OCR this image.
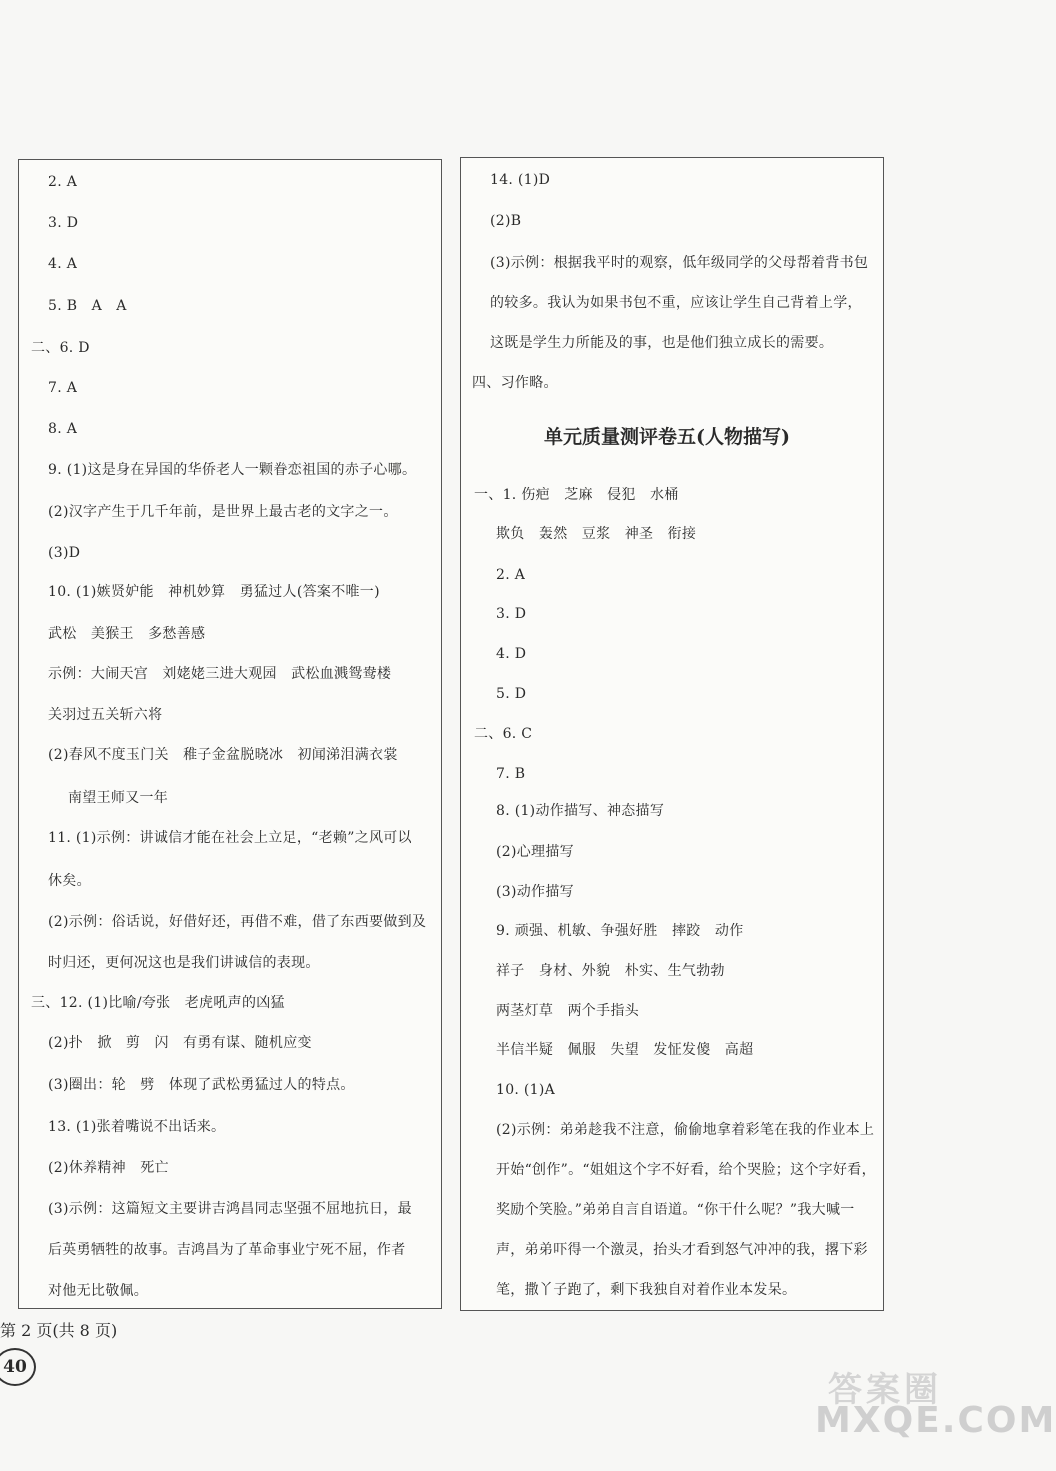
2. A
3. D
4. A
5. B　A　A
二、6. D
7. A
8. A
9. (1)这是身在异国的华侨老人一颗眷恋祖国的赤子心哪。
(2)汉字产生于几千年前，是世界上最古老的文字之一。
(3)D
10. (1)嫉贤妒能　神机妙算　勇猛过人(答案不唯一)
武松　美猴王　多愁善感
示例：大闹天宫　刘姥姥三进大观园　武松血溅鸳鸯楼
关羽过五关斩六将
(2)春风不度玉门关　稚子金盆脱晓冰　初闻涕泪满衣裳
南望王师又一年
11. (1)示例：讲诚信才能在社会上立足，“老赖”之风可以
休矣。
(2)示例：俗话说，好借好还，再借不难，借了东西要做到及
时归还，更何况这也是我们讲诚信的表现。
三、12. (1)比喻/夸张　老虎吼声的凶猛
(2)扑　掀　剪　闪　有勇有谋、随机应变
(3)圈出：轮　劈　体现了武松勇猛过人的特点。
13. (1)张着嘴说不出话来。
(2)休养精神　死亡
(3)示例：这篇短文主要讲吉鸿昌同志坚强不屈地抗日，最
后英勇牺牲的故事。吉鸿昌为了革命事业宁死不屈，作者
对他无比敬佩。
14. (1)D
(2)B
(3)示例：根据我平时的观察，低年级同学的父母帮着背书包
的较多。我认为如果书包不重，应该让学生自己背着上学，
这既是学生力所能及的事，也是他们独立成长的需要。
四、习作略。
一、1. 伤疤　芝麻　侵犯　水桶
欺负　轰然　豆浆　神圣　衔接
2. A
3. D
4. D
5. D
二、6. C
7. B
8. (1)动作描写、神态描写
(2)心理描写
(3)动作描写
9. 顽强、机敏、争强好胜　摔跤　动作
祥子　身材、外貌　朴实、生气勃勃
两茎灯草　两个手指头
半信半疑　佩服　失望　发怔发傻　高超
10. (1)A
(2)示例：弟弟趁我不注意，偷偷地拿着彩笔在我的作业本上
开始“创作”。“姐姐这个字不好看，给个哭脸；这个字好看，
奖励个笑脸。”弟弟自言自语道。“你干什么呢？”我大喊一
声，弟弟吓得一个激灵，抬头才看到怒气冲冲的我，撂下彩
笔，撒丫子跑了，剩下我独自对着作业本发呆。
单元质量测评卷五(人物描写)
第 2 页(共 8 页)
40
答案圈
MXQE.COM
